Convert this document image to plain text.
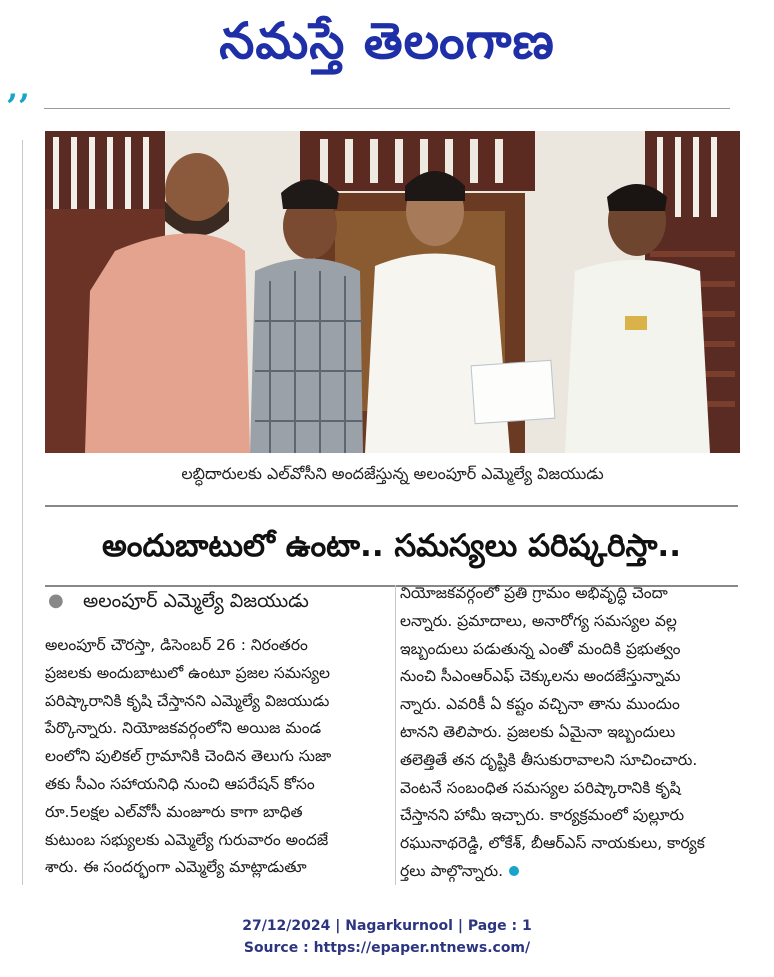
నమస్తే తెలంగాణ
’’
లబ్ధిదారులకు ఎల్‌వోసీని అందజేస్తున్న అలంపూర్‌ ఎమ్మెల్యే విజయుడు
అందుబాటులో ఉంటా.. సమస్యలు పరిష్కరిస్తా..
● అలంపూర్‌ ఎమ్మెల్యే విజయుడు

అలంపూర్‌ చౌరస్తా, డిసెంబర్‌ 26 : నిరంతరం

ప్రజలకు అందుబాటులో ఉంటూ ప్రజల సమస్యల

పరిష్కారానికి కృషి చేస్తానని ఎమ్మెల్యే విజయుడు

పేర్కొన్నారు. నియోజకవర్గంలోని అయిజ మండ

లంలోని పులికల్‌ గ్రామానికి చెందిన తెలుగు సుజా

తకు సీఎం సహాయనిధి నుంచి ఆపరేషన్‌ కోసం

రూ.5లక్షల ఎల్‌వోసీ మంజూరు కాగా బాధిత

కుటుంబ సభ్యులకు ఎమ్మెల్యే గురువారం అందజే

శారు. ఈ సందర్భంగా ఎమ్మెల్యే మాట్లాడుతూ

నియోజకవర్గంలో ప్రతి గ్రామం అభివృద్ధి చెందా

లన్నారు. ప్రమాదాలు, అనారోగ్య సమస్యల వల్ల

ఇబ్బందులు పడుతున్న ఎంతో మందికి ప్రభుత్వం

నుంచి సీఎంఆర్‌ఎఫ్‌ చెక్కులను అందజేస్తున్నామ

న్నారు. ఎవరికీ ఏ కష్టం వచ్చినా తాను ముందుం

టానని తెలిపారు. ప్రజలకు ఏమైనా ఇబ్బందులు

తలెత్తితే తన దృష్టికి తీసుకురావాలని సూచించారు.

వెంటనే సంబంధిత సమస్యల పరిష్కారానికి కృషి

చేస్తానని హామీ ఇచ్చారు. కార్యక్రమంలో పుల్లూరు

రఘునాథరెడ్డి, లోకేశ్‌, బీఆర్‌ఎస్‌ నాయకులు, కార్యక

ర్తలు పాల్గొన్నారు.

27/12/2024 | Nagarkurnool | Page : 1
Source : https://epaper.ntnews.com/
